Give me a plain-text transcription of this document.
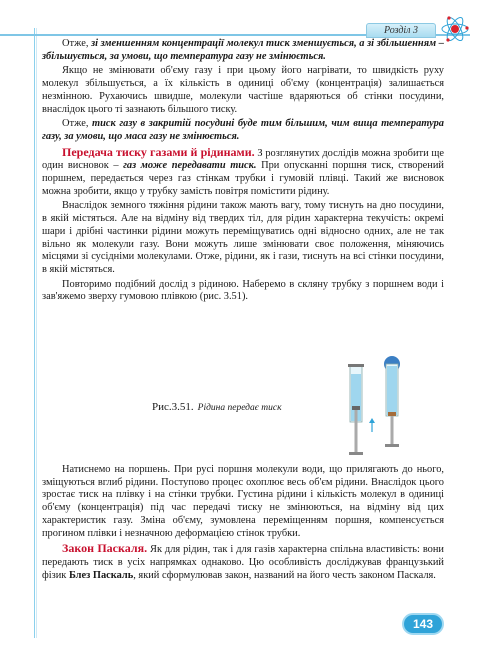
Розділ 3

Отже, зі зменшенням концентрації молекул тиск зменшується, а зі збільшенням – збільшується, за умови, що температура газу не змінюється.

Якщо не змінювати об'єму газу і при цьому його нагрівати, то швидкість руху молекул збільшується, а їх кількість в одиниці об'єму (концентрація) залишається незмінною. Рухаючись швидше, молекули частіше вдаряються об стінки посудини, внаслідок цього ті зазнають більшого тиску.

Отже, тиск газу в закритій посудині буде тим більшим, чим вища температура газу, за умови, що маса газу не змінюється.

Передача тиску газами й рідинами. З розглянутих дослідів можна зробити ще один висновок – газ може передавати тиск. При опусканні поршня тиск, створений поршнем, передається через газ стінкам трубки і гумовій плівці. Такий же висновок можна зробити, якщо у трубку замість повітря помістити рідину.

Внаслідок земного тяжіння рідини також мають вагу, тому тиснуть на дно посудини, в якій містяться. Але на відміну від твердих тіл, для рідин характерна текучість: окремі шари і дрібні частинки рідини можуть переміщуватись одні відносно одних, але не так вільно як молекули газу. Вони можуть лише змінювати своє положення, міняючись місцями зі сусідніми молекулами. Отже, рідини, як і гази, тиснуть на всі стінки посудини, в якій містяться.

Повторимо подібний дослід з рідиною. Наберемо в скляну трубку з поршнем води і зав'яжемо зверху гумовою плівкою (рис. 3.51).

Рис.3.51. Рідина передає тиск

Натиснемо на поршень. При русі поршня молекули води, що прилягають до нього, зміщуються вглиб рідини. Поступово процес охоплює весь об'єм рідини. Внаслідок цього зростає тиск на плівку і на стінки трубки. Густина рідини і кількість молекул в одиниці об'єму (концентрація) під час передачі тиску не змінюються, на відміну від цих характеристик газу. Зміна об'єму, зумовлена переміщенням поршня, компенсується прогином плівки і незначною деформацією стінок трубки.

Закон Паскаля. Як для рідин, так і для газів характерна спільна властивість: вони передають тиск в усіх напрямках однаково. Цю особливість досліджував французький фізик Блез Паскаль, який сформулював закон, названий на його честь законом Паскаля.

143
